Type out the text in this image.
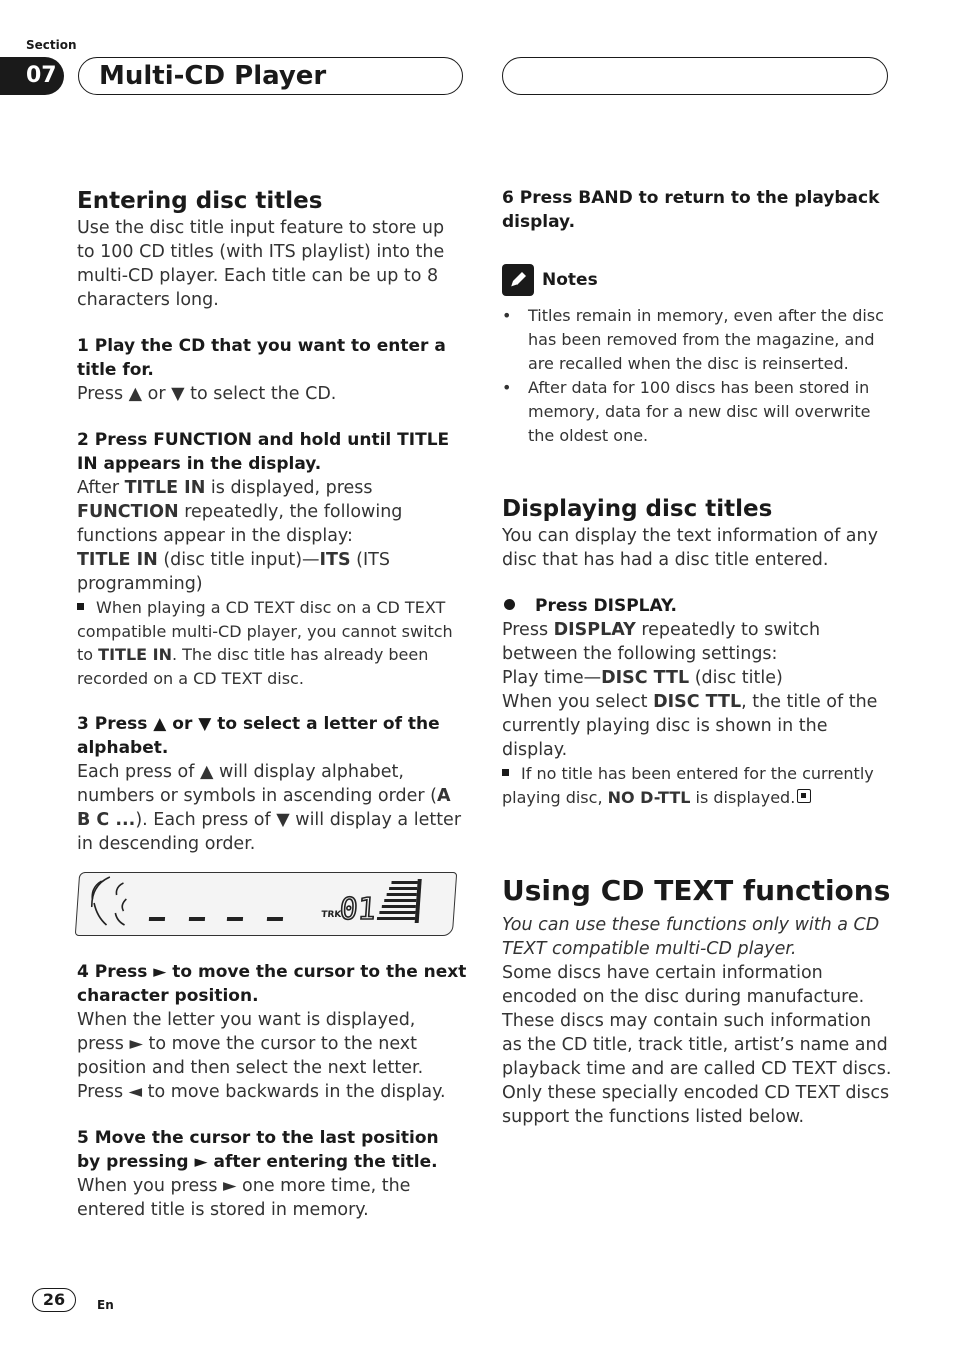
Section
07 Multi-CD Player
Entering disc titles

Use the disc title input feature to store up to 100 CD titles (with ITS playlist) into the multi-CD player. Each title can be up to 8 characters long.

1 Play the CD that you want to enter a title for.

Press ▲ or ▼ to select the CD.

2 Press FUNCTION and hold until TITLE IN appears in the display.

After TITLE IN is displayed, press FUNCTION repeatedly, the following functions appear in the display:

TITLE IN (disc title input)—ITS (ITS programming)

When playing a CD TEXT disc on a CD TEXT compatible multi-CD player, you cannot switch to TITLE IN. The disc title has already been recorded on a CD TEXT disc.

3 Press ▲ or ▼ to select a letter of the alphabet.

Each press of ▲ will display alphabet, numbers or symbols in ascending order (A B C ...). Each press of ▼ will display a letter in descending order.

TRK
01

4 Press ► to move the cursor to the next character position.

When the letter you want is displayed, press ► to move the cursor to the next position and then select the next letter. Press ◄ to move backwards in the display.

5 Move the cursor to the last position by pressing ► after entering the title.

When you press ► one more time, the entered title is stored in memory.

6 Press BAND to return to the playback display.

Notes
• Titles remain in memory, even after the disc has been removed from the magazine, and are recalled when the disc is reinserted.
• After data for 100 discs has been stored in memory, data for a new disc will overwrite the oldest one.
Displaying disc titles

You can display the text information of any disc that has had a disc title entered.

Press DISPLAY.

Press DISPLAY repeatedly to switch between the following settings:

Play time—DISC TTL (disc title)

When you select DISC TTL, the title of the currently playing disc is shown in the display.

If no title has been entered for the currently playing disc, NO D-TTL is displayed.

Using CD TEXT functions

You can use these functions only with a CD TEXT compatible multi-CD player.

Some discs have certain information encoded on the disc during manufacture. These discs may contain such information as the CD title, track title, artist’s name and playback time and are called CD TEXT discs. Only these specially encoded CD TEXT discs support the functions listed below.

26	En
